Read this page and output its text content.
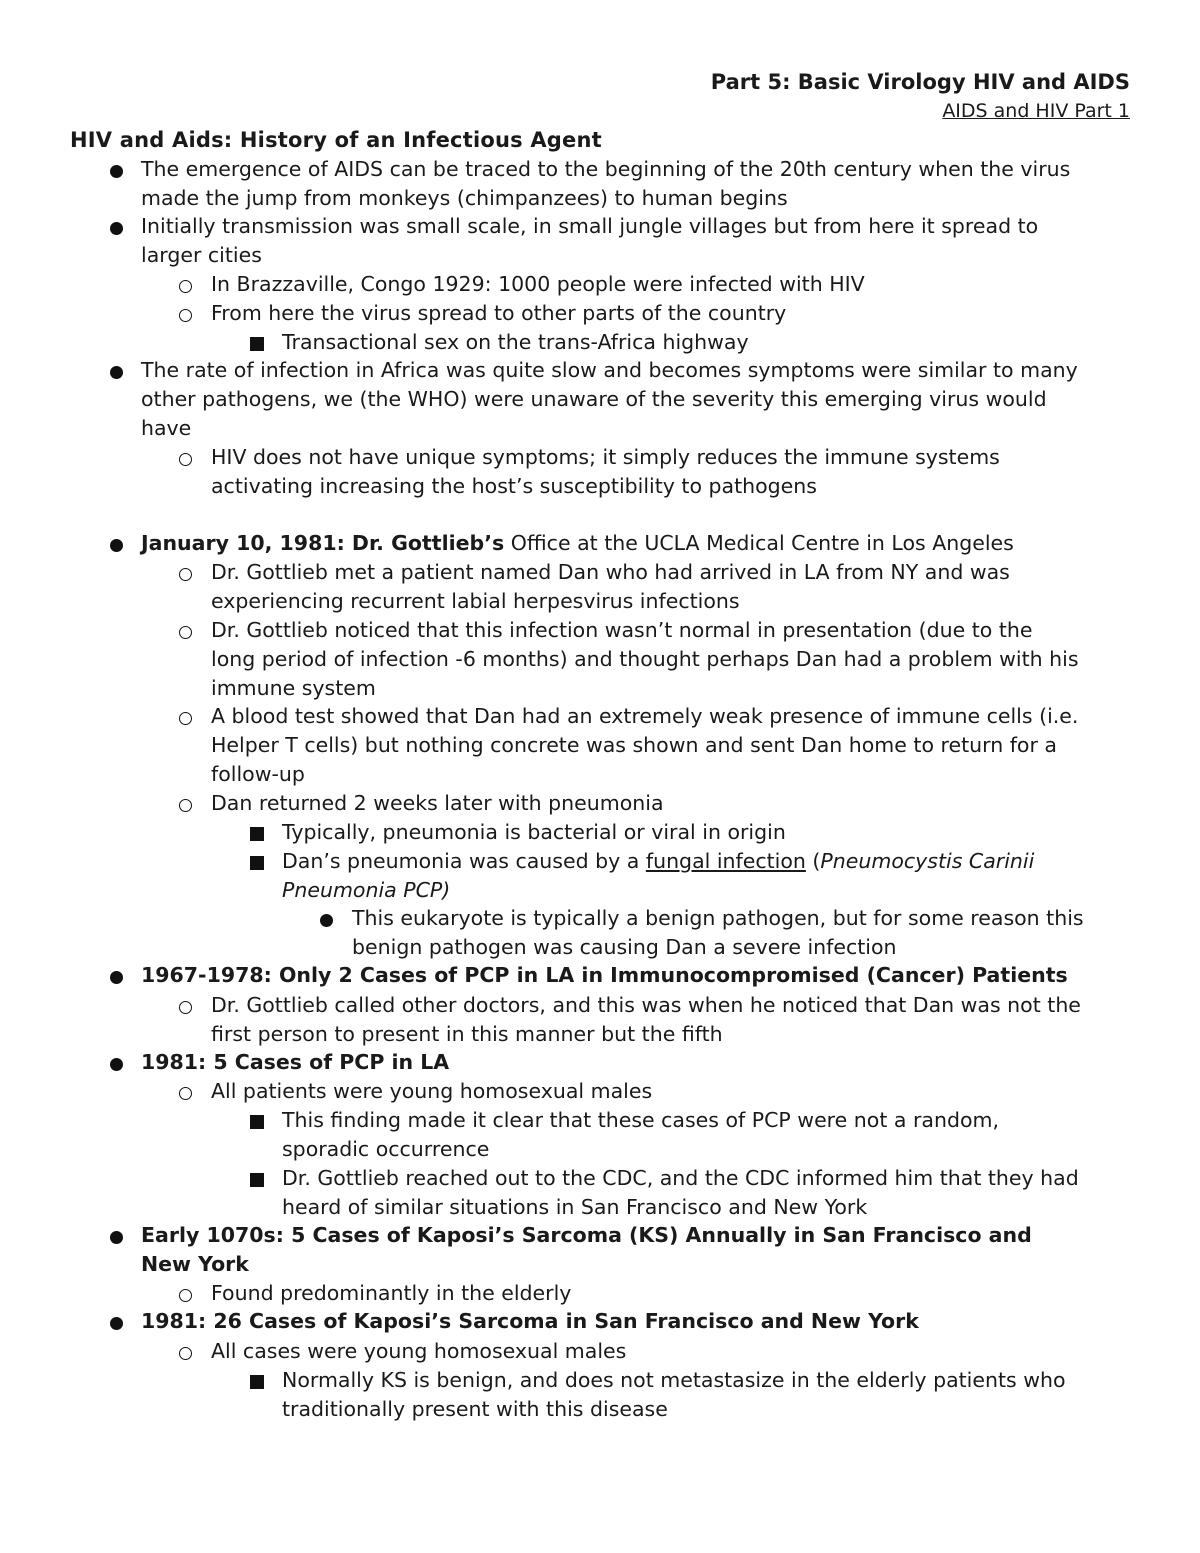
Part 5: Basic Virology HIV and AIDS
AIDS and HIV Part 1
HIV and Aids: History of an Infectious Agent
The emergence of AIDS can be traced to the beginning of the 20th century when the virus
made the jump from monkeys (chimpanzees) to human begins
Initially transmission was small scale, in small jungle villages but from here it spread to
larger cities
In Brazzaville, Congo 1929: 1000 people were infected with HIV
From here the virus spread to other parts of the country
Transactional sex on the trans-Africa highway
The rate of infection in Africa was quite slow and becomes symptoms were similar to many
other pathogens, we (the WHO) were unaware of the severity this emerging virus would
have
HIV does not have unique symptoms; it simply reduces the immune systems
activating increasing the host’s susceptibility to pathogens
January 10, 1981: Dr. Gottlieb’s Office at the UCLA Medical Centre in Los Angeles
Dr. Gottlieb met a patient named Dan who had arrived in LA from NY and was
experiencing recurrent labial herpesvirus infections
Dr. Gottlieb noticed that this infection wasn’t normal in presentation (due to the
long period of infection -6 months) and thought perhaps Dan had a problem with his
immune system
A blood test showed that Dan had an extremely weak presence of immune cells (i.e.
Helper T cells) but nothing concrete was shown and sent Dan home to return for a
follow-up
Dan returned 2 weeks later with pneumonia
Typically, pneumonia is bacterial or viral in origin
Dan’s pneumonia was caused by a fungal infection (Pneumocystis Carinii
Pneumonia PCP)
This eukaryote is typically a benign pathogen, but for some reason this
benign pathogen was causing Dan a severe infection
1967-1978: Only 2 Cases of PCP in LA in Immunocompromised (Cancer) Patients
Dr. Gottlieb called other doctors, and this was when he noticed that Dan was not the
first person to present in this manner but the fifth
1981: 5 Cases of PCP in LA
All patients were young homosexual males
This finding made it clear that these cases of PCP were not a random,
sporadic occurrence
Dr. Gottlieb reached out to the CDC, and the CDC informed him that they had
heard of similar situations in San Francisco and New York
Early 1070s: 5 Cases of Kaposi’s Sarcoma (KS) Annually in San Francisco and
New York
Found predominantly in the elderly
1981: 26 Cases of Kaposi’s Sarcoma in San Francisco and New York
All cases were young homosexual males
Normally KS is benign, and does not metastasize in the elderly patients who
traditionally present with this disease
